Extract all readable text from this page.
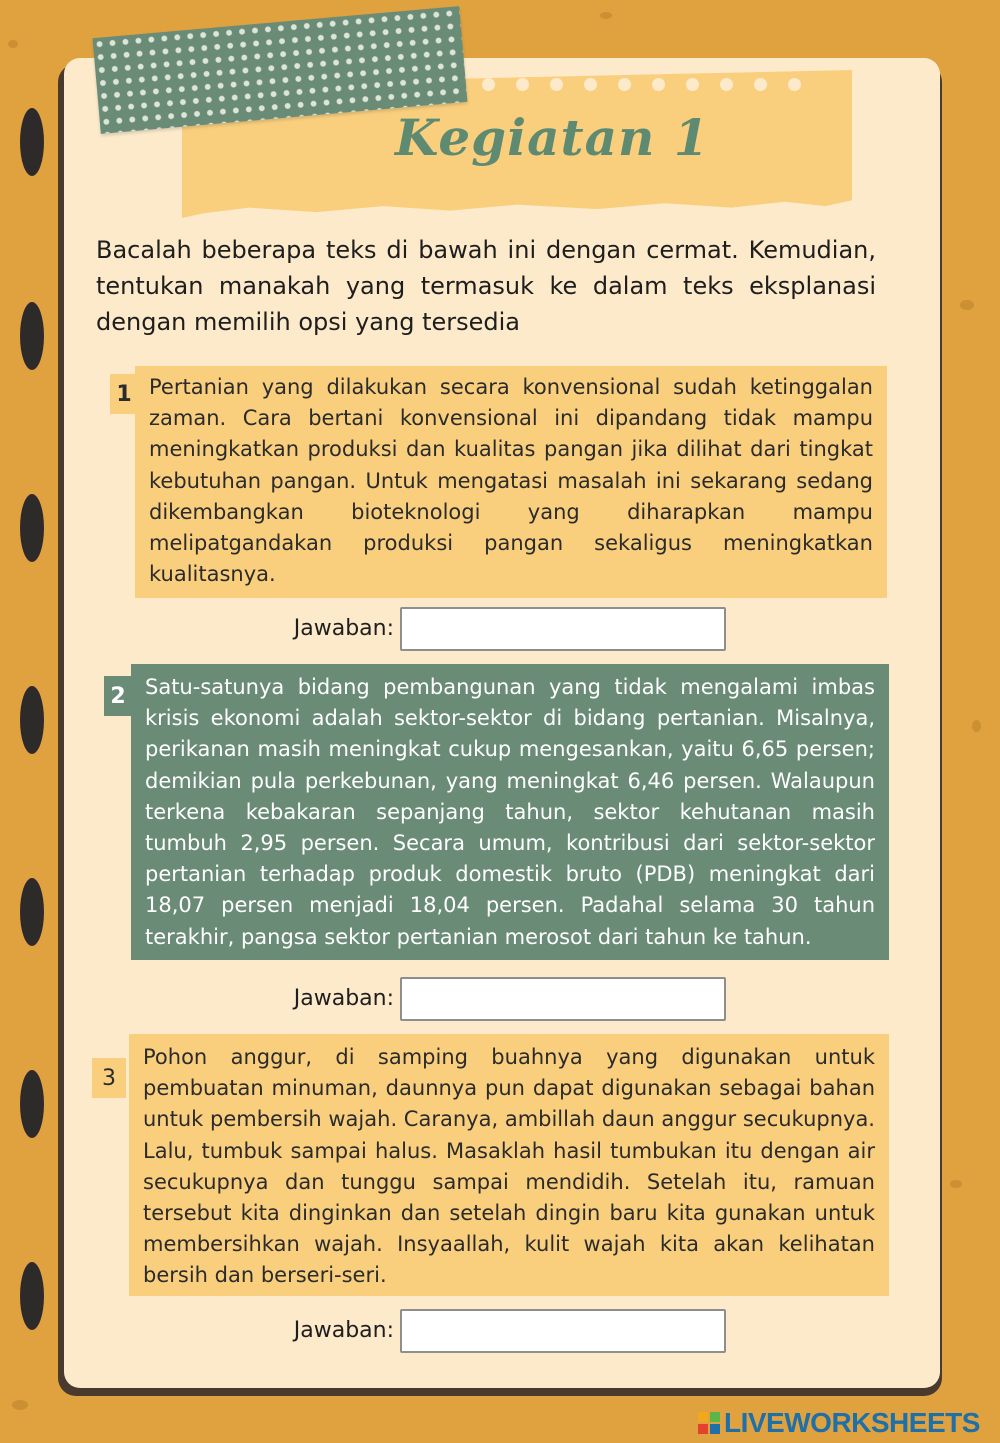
Kegiatan 1

Bacalah beberapa teks di bawah ini dengan cermat. Kemudian, tentukan manakah yang termasuk ke dalam teks eksplanasi dengan memilih opsi yang tersedia

1 Pertanian yang dilakukan secara konvensional sudah ketinggalan zaman. Cara bertani konvensional ini dipandang tidak mampu meningkatkan produksi dan kualitas pangan jika dilihat dari tingkat kebutuhan pangan. Untuk mengatasi masalah ini sekarang sedang dikembangkan bioteknologi yang diharapkan mampu melipatgandakan produksi pangan sekaligus meningkatkan kualitasnya.

Jawaban:
2 Satu-satunya bidang pembangunan yang tidak mengalami imbas krisis ekonomi adalah sektor-sektor di bidang pertanian. Misalnya, perikanan masih meningkat cukup mengesankan, yaitu 6,65 persen; demikian pula perkebunan, yang meningkat 6,46 persen. Walaupun terkena kebakaran sepanjang tahun, sektor kehutanan masih tumbuh 2,95 persen. Secara umum, kontribusi dari sektor-sektor pertanian terhadap produk domestik bruto (PDB) meningkat dari 18,07 persen menjadi 18,04 persen. Padahal selama 30 tahun terakhir, pangsa sektor pertanian merosot dari tahun ke tahun.

Jawaban:
3

Pohon anggur, di samping buahnya yang digunakan untuk pembuatan minuman, daunnya pun dapat digunakan sebagai bahan untuk pembersih wajah. Caranya, ambillah daun anggur secukupnya. Lalu, tumbuk sampai halus. Masaklah hasil tumbukan itu dengan air secukupnya dan tunggu sampai mendidih. Setelah itu, ramuan tersebut kita dinginkan dan setelah dingin baru kita gunakan untuk membersihkan wajah. Insyaallah, kulit wajah kita akan kelihatan bersih dan berseri-seri.

Jawaban:
LIVEWORKSHEETS
